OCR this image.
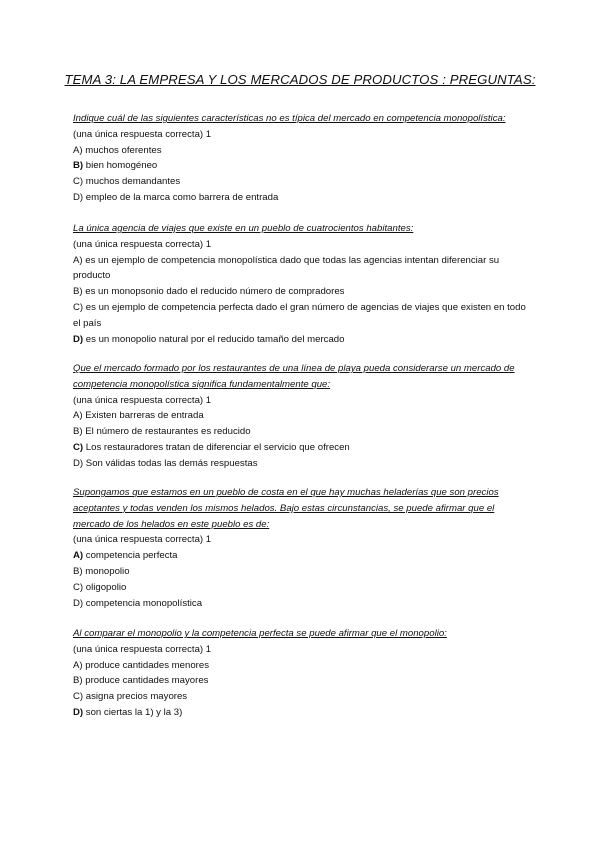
TEMA 3: LA EMPRESA Y LOS MERCADOS DE PRODUCTOS : PREGUNTAS:

Indique cuál de las siguientes características no es típica del mercado en competencia monopolística:

(una única respuesta correcta) 1

A) muchos oferentes

B) bien homogéneo

C) muchos demandantes

D) empleo de la marca como barrera de entrada

La única agencia de viajes que existe en un pueblo de cuatrocientos habitantes:

(una única respuesta correcta) 1

A) es un ejemplo de competencia monopolística dado que todas las agencias intentan diferenciar su producto

B) es un monopsonio dado el reducido número de compradores

C) es un ejemplo de competencia perfecta dado el gran número de agencias de viajes que existen en todo el país

D) es un monopolio natural por el reducido tamaño del mercado

Que el mercado formado por los restaurantes de una línea de playa pueda considerarse un mercado de competencia monopolística significa fundamentalmente que:

(una única respuesta correcta) 1

A) Existen barreras de entrada

B) El número de restaurantes es reducido

C) Los restauradores tratan de diferenciar el servicio que ofrecen

D) Son válidas todas las demás respuestas

Supongamos que estamos en un pueblo de costa en el que hay muchas heladerías que son precios aceptantes y todas venden los mismos helados. Bajo estas circunstancias, se puede afirmar que el mercado de los helados en este pueblo es de:

(una única respuesta correcta) 1

A) competencia perfecta

B) monopolio

C) oligopolio

D) competencia monopolística

Al comparar el monopolio y la competencia perfecta se puede afirmar que el monopolio:

(una única respuesta correcta) 1

A) produce cantidades menores

B) produce cantidades mayores

C) asigna precios mayores

D) son ciertas la 1) y la 3)
